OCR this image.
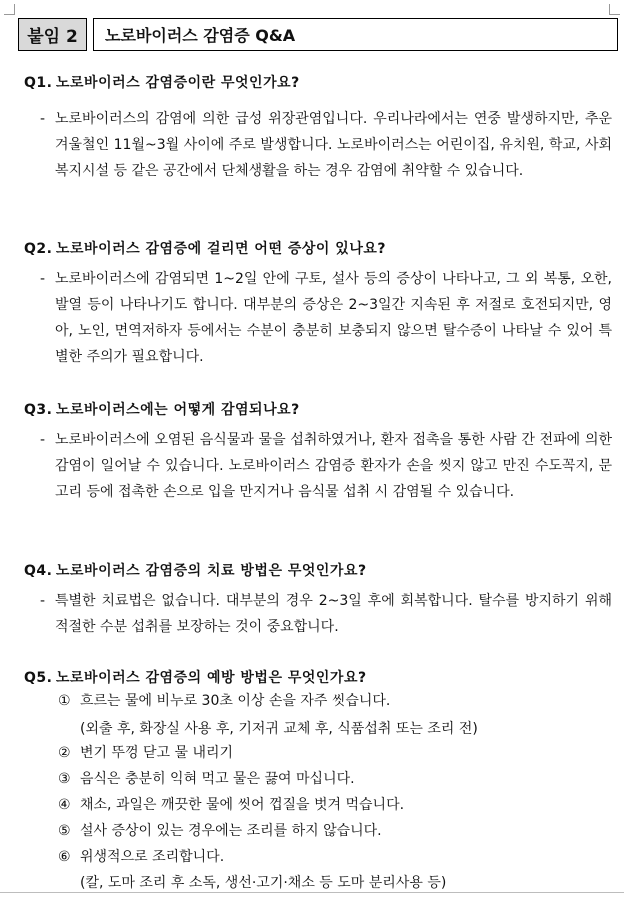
붙임 2	노로바이러스 감염증 Q&A
Q1. 노로바이러스 감염증이란 무엇인가요?
- 노로바이러스의 감염에 의한 급성 위장관염입니다. 우리나라에서는 연중 발생하지만, 추운 겨울철인 11월~3월 사이에 주로 발생합니다. 노로바이러스는 어린이집, 유치원, 학교, 사회복지시설 등 같은 공간에서 단체생활을 하는 경우 감염에 취약할 수 있습니다.
Q2. 노로바이러스 감염증에 걸리면 어떤 증상이 있나요?
- 노로바이러스에 감염되면 1~2일 안에 구토, 설사 등의 증상이 나타나고, 그 외 복통, 오한, 발열 등이 나타나기도 합니다. 대부분의 증상은 2~3일간 지속된 후 저절로 호전되지만, 영아, 노인, 면역저하자 등에서는 수분이 충분히 보충되지 않으면 탈수증이 나타날 수 있어 특별한 주의가 필요합니다.
Q3. 노로바이러스에는 어떻게 감염되나요?
- 노로바이러스에 오염된 음식물과 물을 섭취하였거나, 환자 접촉을 통한 사람 간 전파에 의한 감염이 일어날 수 있습니다. 노로바이러스 감염증 환자가 손을 씻지 않고 만진 수도꼭지, 문고리 등에 접촉한 손으로 입을 만지거나 음식물 섭취 시 감염될 수 있습니다.
Q4. 노로바이러스 감염증의 치료 방법은 무엇인가요?
- 특별한 치료법은 없습니다. 대부분의 경우 2~3일 후에 회복합니다. 탈수를 방지하기 위해 적절한 수분 섭취를 보장하는 것이 중요합니다.
Q5. 노로바이러스 감염증의 예방 방법은 무엇인가요?
① 흐르는 물에 비누로 30초 이상 손을 자주 씻습니다.
(외출 후, 화장실 사용 후, 기저귀 교체 후, 식품섭취 또는 조리 전)
② 변기 뚜껑 닫고 물 내리기
③ 음식은 충분히 익혀 먹고 물은 끓여 마십니다.
④ 채소, 과일은 깨끗한 물에 씻어 껍질을 벗겨 먹습니다.
⑤ 설사 증상이 있는 경우에는 조리를 하지 않습니다.
⑥ 위생적으로 조리합니다.
(칼, 도마 조리 후 소독, 생선·고기·채소 등 도마 분리사용 등)
